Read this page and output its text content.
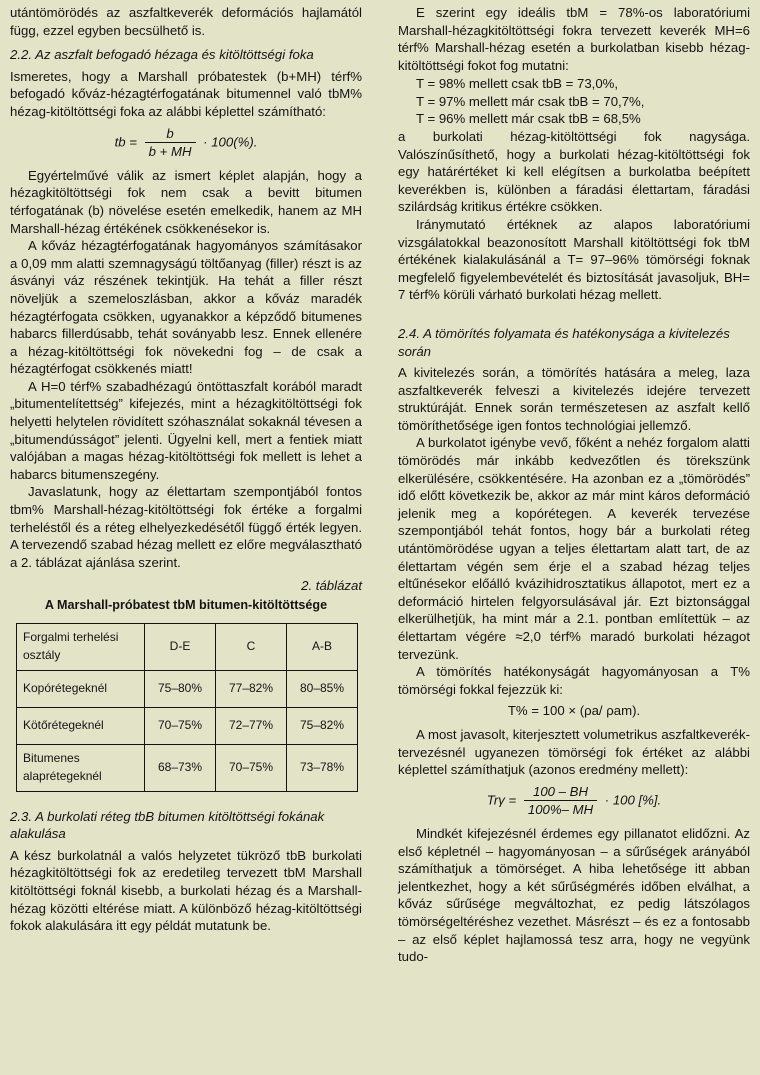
utántömörödés az aszfaltkeverék deformációs hajlamától függ, ezzel egyben becsülhető is.

2.2. Az aszfalt befogadó hézaga és kitöltöttségi foka

Ismeretes, hogy a Marshall próbatestek (b+MH) térf% befogadó kőváz-hézagtérfogatának bitumennel való tbM% hézag-kitöltöttségi foka az alábbi képlettel számítható:

tb = $\frac{b}{b + MH} \cdot 100(\%)$.

Egyértelművé válik az ismert képlet alapján, hogy a hézagkitöltöttségi fok nem csak a bevitt bitumen térfogatának (b) növelése esetén emelkedik, hanem az MH Marshall-hézag értékének csökkenésekor is.

A kőváz hézagtérfogatának hagyományos számításakor a 0,09 mm alatti szemnagyságú töltőanyag (filler) részt is az ásványi váz részének tekintjük. Ha tehát a filler részt növeljük a szemeloszlásban, akkor a kőváz maradék hézagtérfogata csökken, ugyanakkor a képződő bitumenes habarcs fillerdúsabb, tehát soványabb lesz. Ennek ellenére a hézag-kitöltöttségi fok növekedni fog – de csak a hézagtérfogat csökkenés miatt!

A H=0 térf% szabadhézagú öntöttaszfalt korából maradt „bitumentelítettség” kifejezés, mint a hézagkitöltöttségi fok helyetti helytelen rövidített szóhasználat sokaknál tévesen a „bitumendússágot” jelenti. Ügyelni kell, mert a fentiek miatt valójában a magas hézag-kitöltöttségi fok mellett is lehet a habarcs bitumenszegény.

Javaslatunk, hogy az élettartam szempontjából fontos tbm% Marshall-hézag-kitöltöttségi fok értéke a forgalmi terheléstől és a réteg elhelyezkedésétől függő érték legyen. A tervezendő szabad hézag mellett ez előre megválasztható a 2. táblázat ajánlása szerint.

2. táblázat
A Marshall-próbatest tbM bitumen-kitöltöttsége
Forgalmi terhelési osztály	D-E	C	A-B
Kopórétegeknél	75–80%	77–82%	80–85%
Kötőrétegeknél	70–75%	72–77%	75–82%
Bitumenes alaprétegeknél	68–73%	70–75%	73–78%
2.3. A burkolati réteg tbB bitumen kitöltöttségi fokának alakulása

A kész burkolatnál a valós helyzetet tükröző tbB burkolati hézagkitöltöttségi fok az eredetileg tervezett tbM Marshall kitöltöttségi foknál kisebb, a burkolati hézag és a Marshall-hézag közötti eltérése miatt. A különböző hézag-kitöltöttségi fokok alakulására itt egy példát mutatunk be.

E szerint egy ideális tbM = 78%-os laboratóriumi Marshall-hézagkitöltöttségi fokra tervezett keverék MH=6 térf% Marshall-hézag esetén a burkolatban kisebb hézag-kitöltöttségi fokot fog mutatni:

T = 98% mellett csak tbB = 73,0%,
T = 97% mellett már csak tbB = 70,7%,
T = 96% mellett már csak tbB = 68,5%

a burkolati hézag-kitöltöttségi fok nagysága. Valószínűsíthető, hogy a burkolati hézag-kitöltöttségi fok egy határértéket ki kell elégítsen a burkolatba beépített keverékben is, különben a fáradási élettartam, fáradási szilárdság kritikus értékre csökken.

Iránymutató értéknek az alapos laboratóriumi vizsgálatokkal beazonosított Marshall kitöltöttségi fok tbM értékének kialakulásánál a T= 97–96% tömörségi foknak megfelelő figyelembevételét és biztosítását javasoljuk, BH= 7 térf% körüli várható burkolati hézag mellett.

2.4. A tömörítés folyamata és hatékonysága a kivitelezés során

A kivitelezés során, a tömörítés hatására a meleg, laza aszfaltkeverék felveszi a kivitelezés idejére tervezett struktúráját. Ennek során természetesen az aszfalt kellő tömöríthetősége igen fontos technológiai jellemző.

A burkolatot igénybe vevő, főként a nehéz forgalom alatti tömörödés már inkább kedvezőtlen és törekszünk elkerülésére, csökkentésére. Ha azonban ez a „tömörödés” idő előtt következik be, akkor az már mint káros deformáció jelenik meg a kopórétegen. A keverék tervezése szempontjából tehát fontos, hogy bár a burkolati réteg utántömörödése ugyan a teljes élettartam alatt tart, de az élettartam végén sem érje el a szabad hézag teljes eltűnésekor előálló kvázihidrosztatikus állapotot, mert ez a deformáció hirtelen felgyorsulásával jár. Ezt biztonsággal elkerülhetjük, ha mint már a 2.1. pontban említettük – az élettartam végére ≈2,0 térf% maradó burkolati hézagot tervezünk.

A tömörítés hatékonyságát hagyományosan a T% tömörségi fokkal fejezzük ki:

T% = 100 × (ρa/ ρam).

A most javasolt, kiterjesztett volumetrikus aszfaltkeverék-tervezésnél ugyanezen tömörségi fok értéket az alábbi képlettel számíthatjuk (azonos eredmény mellett):

$Tr\gamma = \frac{100 - BH}{100\%- MH} \cdot 100$ [%].

Mindkét kifejezésnél érdemes egy pillanatot elidőzni. Az első képletnél – hagyományosan – a sűrűségek arányából számíthatjuk a tömörséget. A hiba lehetősége itt abban jelentkezhet, hogy a két sűrűségmérés időben elválhat, a kőváz sűrűsége megváltozhat, ez pedig látszólagos tömörségeltéréshez vezethet. Másrészt – és ez a fontosabb – az első képlet hajlamossá tesz arra, hogy ne vegyünk tudo-
